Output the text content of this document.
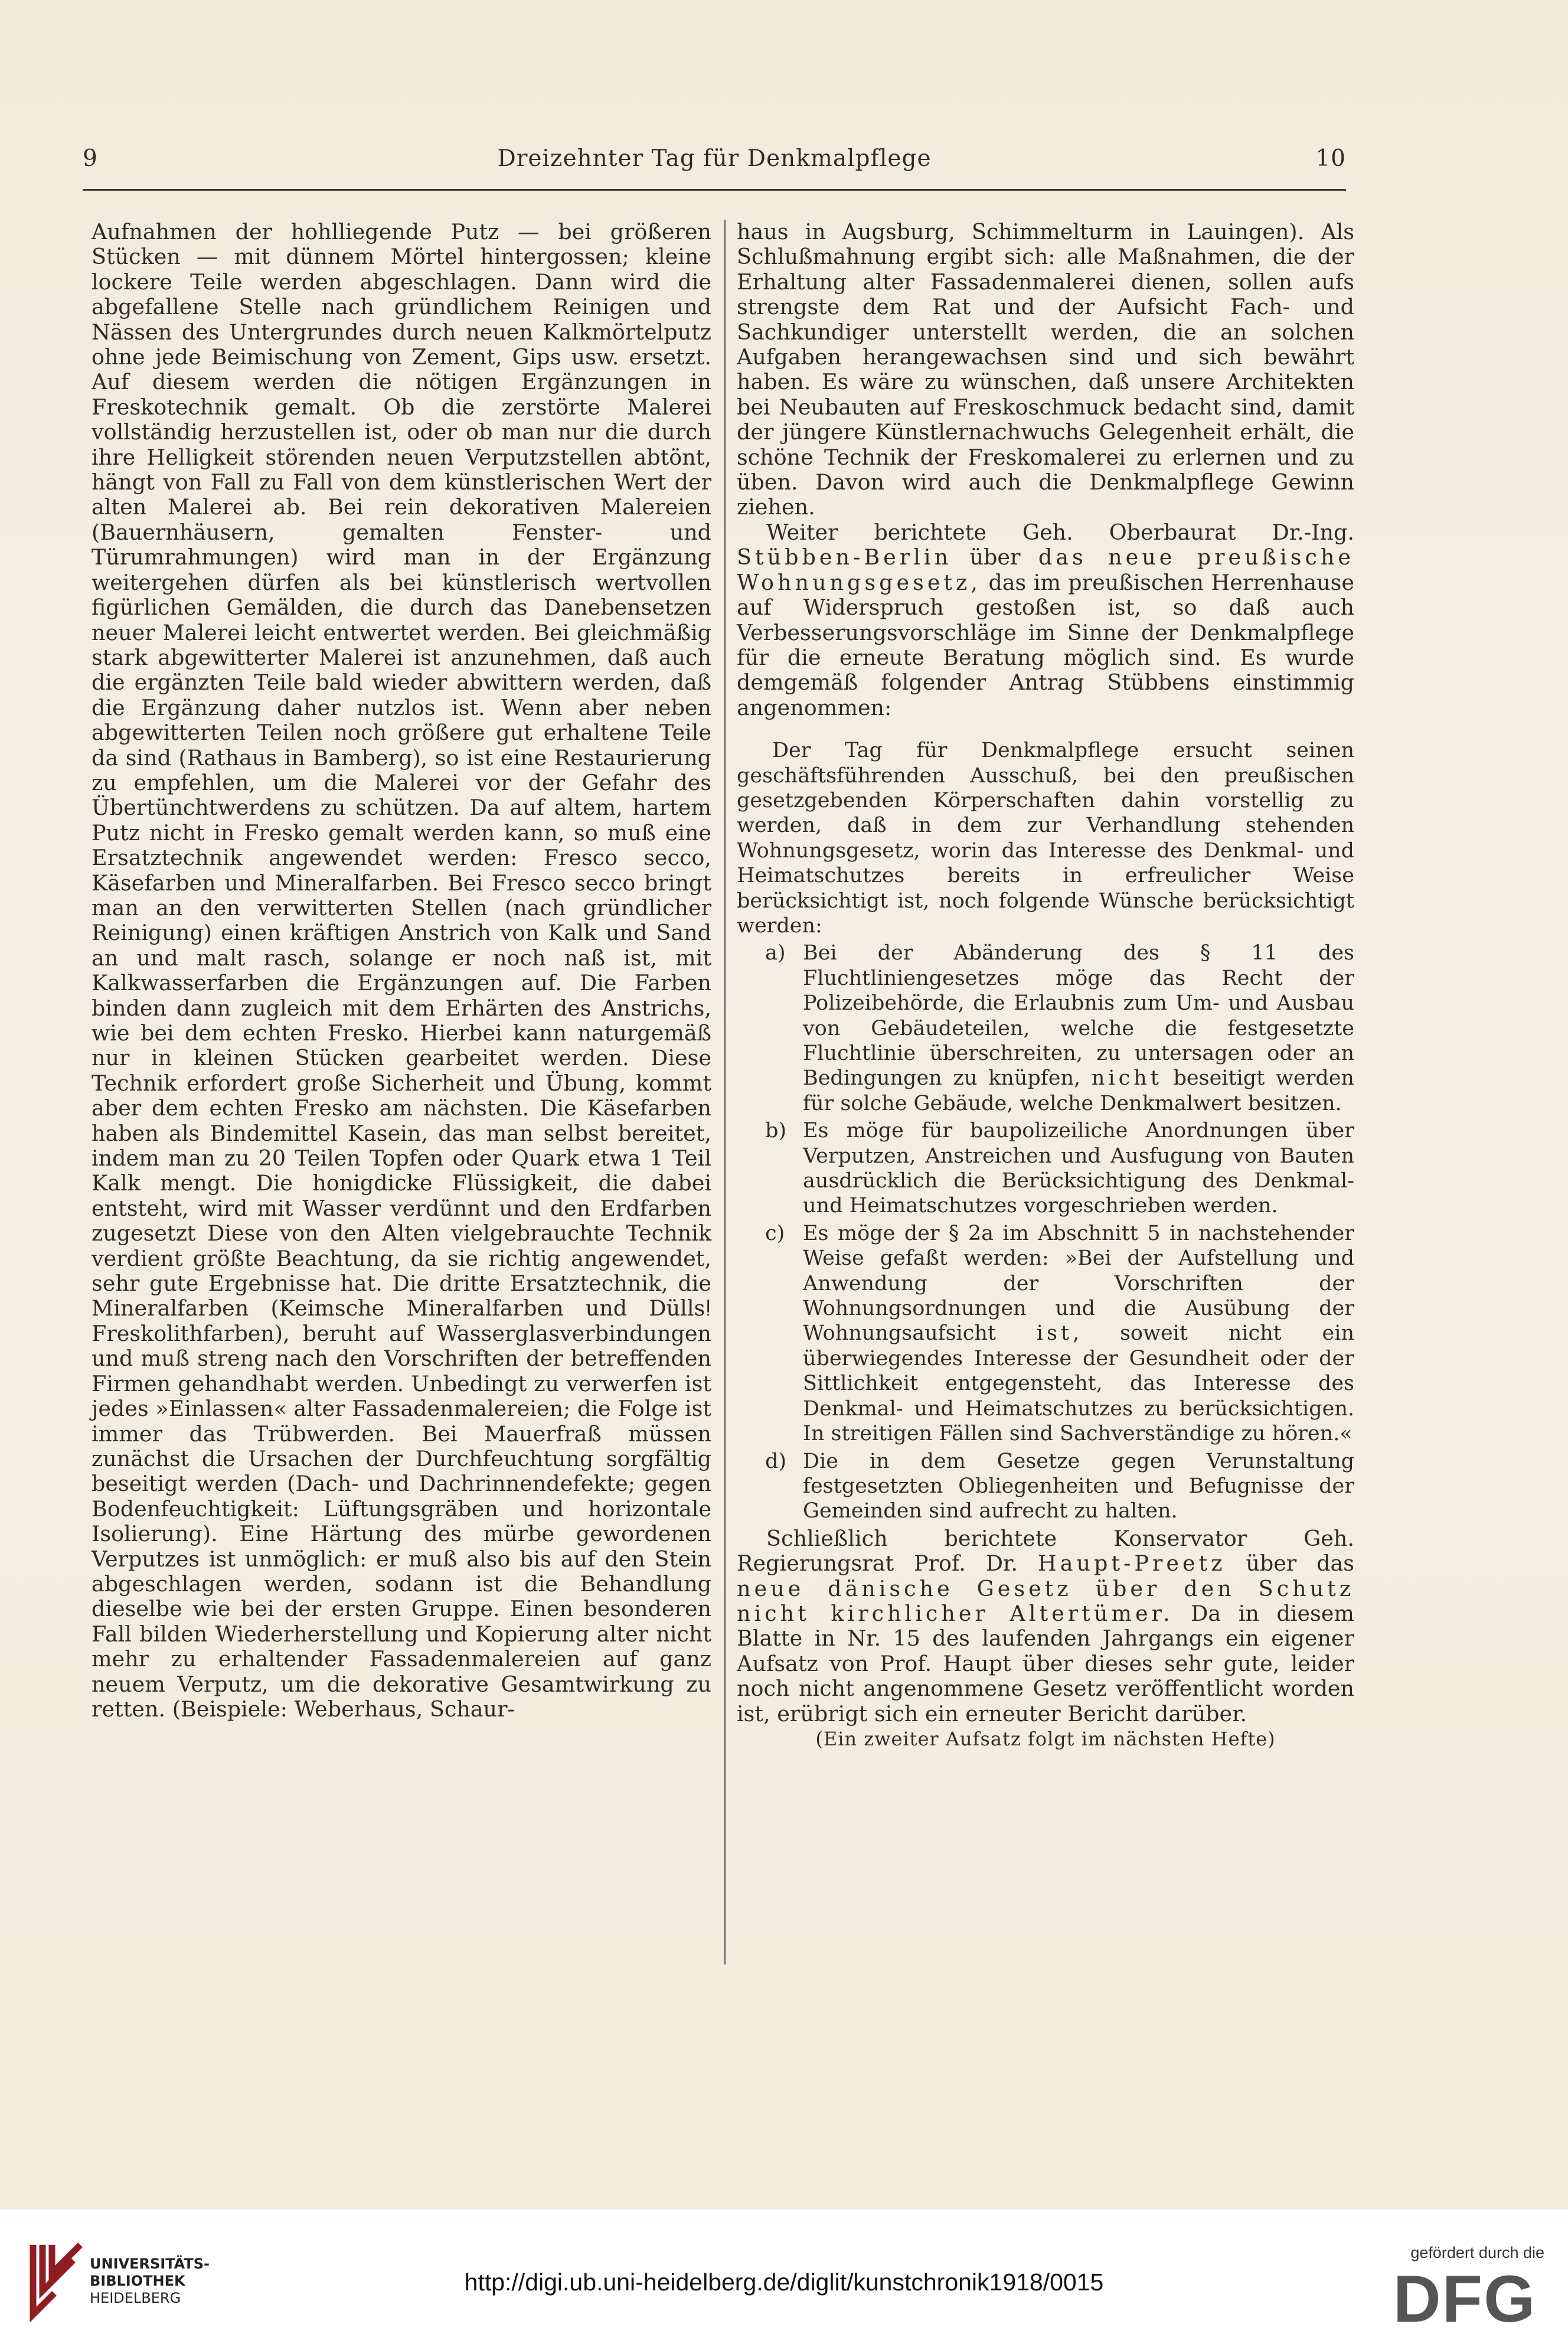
9	Dreizehnter Tag für Denkmalpflege	10

Aufnahmen der hohlliegende Putz — bei größeren Stücken — mit dünnem Mörtel hintergossen; kleine lockere Teile werden abgeschlagen. Dann wird die abgefallene Stelle nach gründlichem Reinigen und Nässen des Untergrundes durch neuen Kalkmörtelputz ohne jede Beimischung von Zement, Gips usw. ersetzt. Auf diesem werden die nötigen Ergänzungen in Freskotechnik gemalt. Ob die zerstörte Malerei vollständig herzustellen ist, oder ob man nur die durch ihre Helligkeit störenden neuen Verputzstellen abtönt, hängt von Fall zu Fall von dem künstlerischen Wert der alten Malerei ab. Bei rein dekorativen Malereien (Bauernhäusern, gemalten Fenster- und Türumrahmungen) wird man in der Ergänzung weitergehen dürfen als bei künstlerisch wertvollen figürlichen Gemälden, die durch das Danebensetzen neuer Malerei leicht entwertet werden. Bei gleichmäßig stark abgewitterter Malerei ist anzunehmen, daß auch die ergänzten Teile bald wieder abwittern werden, daß die Ergänzung daher nutzlos ist. Wenn aber neben abgewitterten Teilen noch größere gut erhaltene Teile da sind (Rathaus in Bamberg), so ist eine Restaurierung zu empfehlen, um die Malerei vor der Gefahr des Übertünchtwerdens zu schützen. Da auf altem, hartem Putz nicht in Fresko gemalt werden kann, so muß eine Ersatztechnik angewendet werden: Fresco secco, Käsefarben und Mineralfarben. Bei Fresco secco bringt man an den verwitterten Stellen (nach gründlicher Reinigung) einen kräftigen Anstrich von Kalk und Sand an und malt rasch, solange er noch naß ist, mit Kalkwasserfarben die Ergänzungen auf. Die Farben binden dann zugleich mit dem Erhärten des Anstrichs, wie bei dem echten Fresko. Hierbei kann naturgemäß nur in kleinen Stücken gearbeitet werden. Diese Technik erfordert große Sicherheit und Übung, kommt aber dem echten Fresko am nächsten. Die Käsefarben haben als Bindemittel Kasein, das man selbst bereitet, indem man zu 20 Teilen Topfen oder Quark etwa 1 Teil Kalk mengt. Die honigdicke Flüssigkeit, die dabei entsteht, wird mit Wasser verdünnt und den Erdfarben zugesetzt Diese von den Alten vielgebrauchte Technik verdient größte Beachtung, da sie richtig angewendet, sehr gute Ergebnisse hat. Die dritte Ersatztechnik, die Mineralfarben (Keimsche Mineralfarben und Düllsǃ Freskolithfarben), beruht auf Wasserglasverbindungen und muß streng nach den Vorschriften der betreffenden Firmen gehandhabt werden. Unbedingt zu verwerfen ist jedes »Einlassen« alter Fassadenmalereien; die Folge ist immer das Trübwerden. Bei Mauerfraß müssen zunächst die Ursachen der Durchfeuchtung sorgfältig beseitigt werden (Dach- und Dachrinnendefekte; gegen Bodenfeuchtigkeit: Lüftungsgräben und horizontale Isolierung). Eine Härtung des mürbe gewordenen Verputzes ist unmöglich: er muß also bis auf den Stein abgeschlagen werden, sodann ist die Behandlung dieselbe wie bei der ersten Gruppe. Einen besonderen Fall bilden Wiederherstellung und Kopierung alter nicht mehr zu erhaltender Fassadenmalereien auf ganz neuem Verputz, um die dekorative Gesamtwirkung zu retten. (Beispiele: Weberhaus, Schaur-

haus in Augsburg, Schimmelturm in Lauingen). Als Schlußmahnung ergibt sich: alle Maßnahmen, die der Erhaltung alter Fassadenmalerei dienen, sollen aufs strengste dem Rat und der Aufsicht Fach- und Sachkundiger unterstellt werden, die an solchen Aufgaben herangewachsen sind und sich bewährt haben. Es wäre zu wünschen, daß unsere Architekten bei Neubauten auf Freskoschmuck bedacht sind, damit der jüngere Künstlernachwuchs Gelegenheit erhält, die schöne Technik der Freskomalerei zu erlernen und zu üben. Davon wird auch die Denkmalpflege Gewinn ziehen.

Weiter berichtete Geh. Oberbaurat Dr.-Ing. Stübben-Berlin über das neue preußische Wohnungsgesetz, das im preußischen Herrenhause auf Widerspruch gestoßen ist, so daß auch Verbesserungsvorschläge im Sinne der Denkmalpflege für die erneute Beratung möglich sind. Es wurde demgemäß folgender Antrag Stübbens einstimmig angenommen:

Der Tag für Denkmalpflege ersucht seinen geschäftsführenden Ausschuß, bei den preußischen gesetzgebenden Körperschaften dahin vorstellig zu werden, daß in dem zur Verhandlung stehenden Wohnungsgesetz, worin das Interesse des Denkmal- und Heimatschutzes bereits in erfreulicher Weise berücksichtigt ist, noch folgende Wünsche berücksichtigt werden:

a) Bei der Abänderung des § 11 des Fluchtliniengesetzes möge das Recht der Polizeibehörde, die Erlaubnis zum Um- und Ausbau von Gebäudeteilen, welche die festgesetzte Fluchtlinie überschreiten, zu untersagen oder an Bedingungen zu knüpfen, nicht beseitigt werden für solche Gebäude, welche Denkmalwert besitzen.
b) Es möge für baupolizeiliche Anordnungen über Verputzen, Anstreichen und Ausfugung von Bauten ausdrücklich die Berücksichtigung des Denkmal- und Heimatschutzes vorgeschrieben werden.
c) Es möge der § 2a im Abschnitt 5 in nachstehender Weise gefaßt werden: »Bei der Aufstellung und Anwendung der Vorschriften der Wohnungsordnungen und die Ausübung der Wohnungsaufsicht ist, soweit nicht ein überwiegendes Interesse der Gesundheit oder der Sittlichkeit entgegensteht, das Interesse des Denkmal- und Heimatschutzes zu berücksichtigen. In streitigen Fällen sind Sachverständige zu hören.«
d) Die in dem Gesetze gegen Verunstaltung festgesetzten Obliegenheiten und Befugnisse der Gemeinden sind aufrecht zu halten.

Schließlich berichtete Konservator Geh. Regierungsrat Prof. Dr. Haupt-Preetz über das neue dänische Gesetz über den Schutz nicht kirchlicher Altertümer. Da in diesem Blatte in Nr. 15 des laufenden Jahrgangs ein eigener Aufsatz von Prof. Haupt über dieses sehr gute, leider noch nicht angenommene Gesetz veröffentlicht worden ist, erübrigt sich ein erneuter Bericht darüber.

(Ein zweiter Aufsatz folgt im nächsten Hefte)

UNIVERSITÄTS-
BIBLIOTHEK
HEIDELBERG
http://digi.ub.uni-heidelberg.de/diglit/kunstchronik1918/0015
gefördert durch die
DFG
